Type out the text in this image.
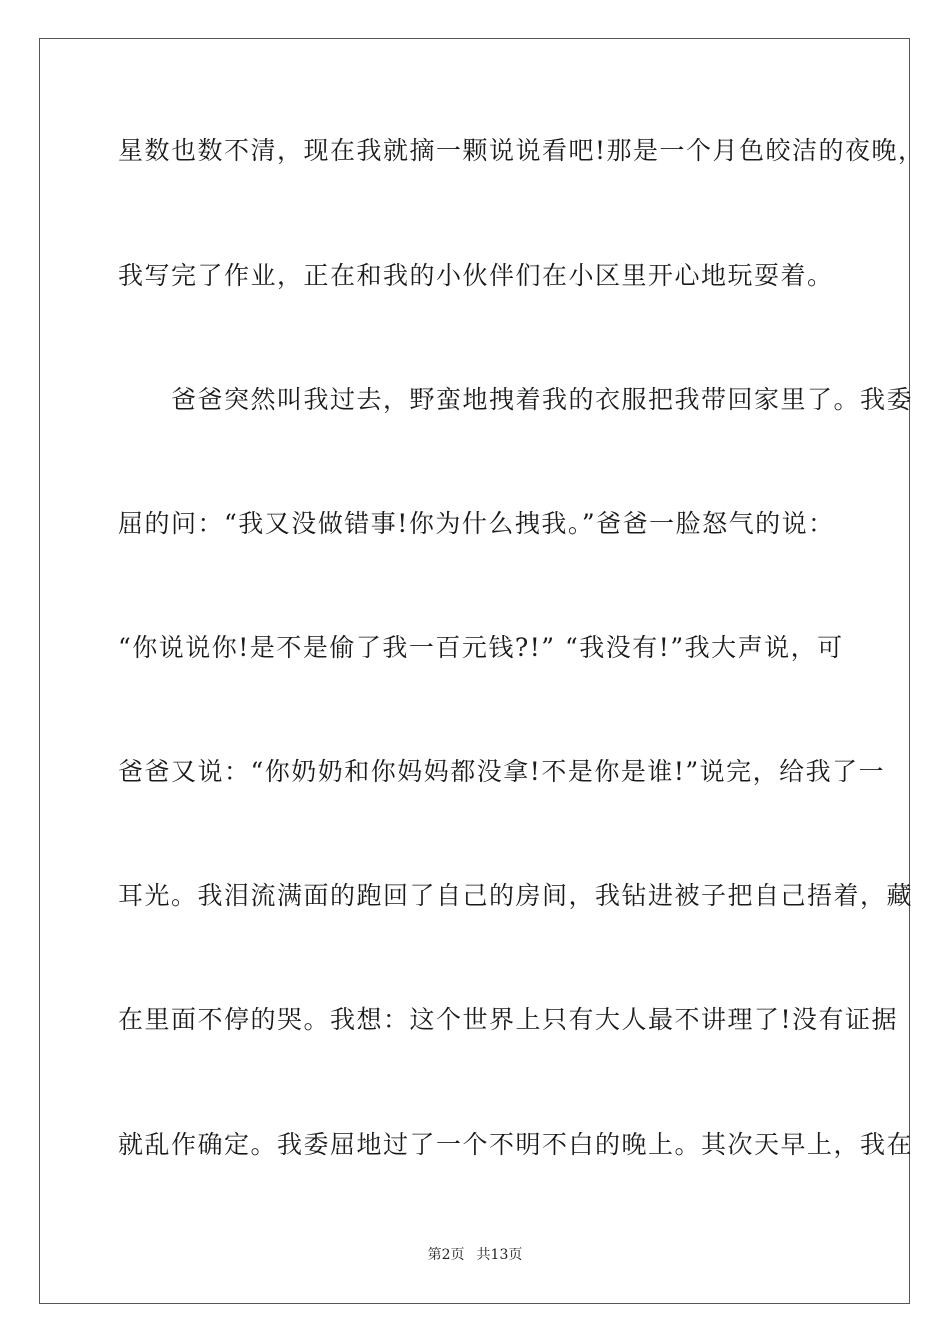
星数也数不清，现在我就摘一颗说说看吧!那是一个月色皎洁的夜晚，
我写完了作业，正在和我的小伙伴们在小区里开心地玩耍着。
　　爸爸突然叫我过去，野蛮地拽着我的衣服把我带回家里了。我委
屈的问：“我又没做错事!你为什么拽我。”爸爸一脸怒气的说：
“你说说你!是不是偷了我一百元钱?!” “我没有!”我大声说，可
爸爸又说：“你奶奶和你妈妈都没拿!不是你是谁!”说完，给我了一
耳光。我泪流满面的跑回了自己的房间，我钻进被子把自己捂着，藏
在里面不停的哭。我想：这个世界上只有大人最不讲理了!没有证据
就乱作确定。我委屈地过了一个不明不白的晚上。其次天早上，我在
第2页 共13页
